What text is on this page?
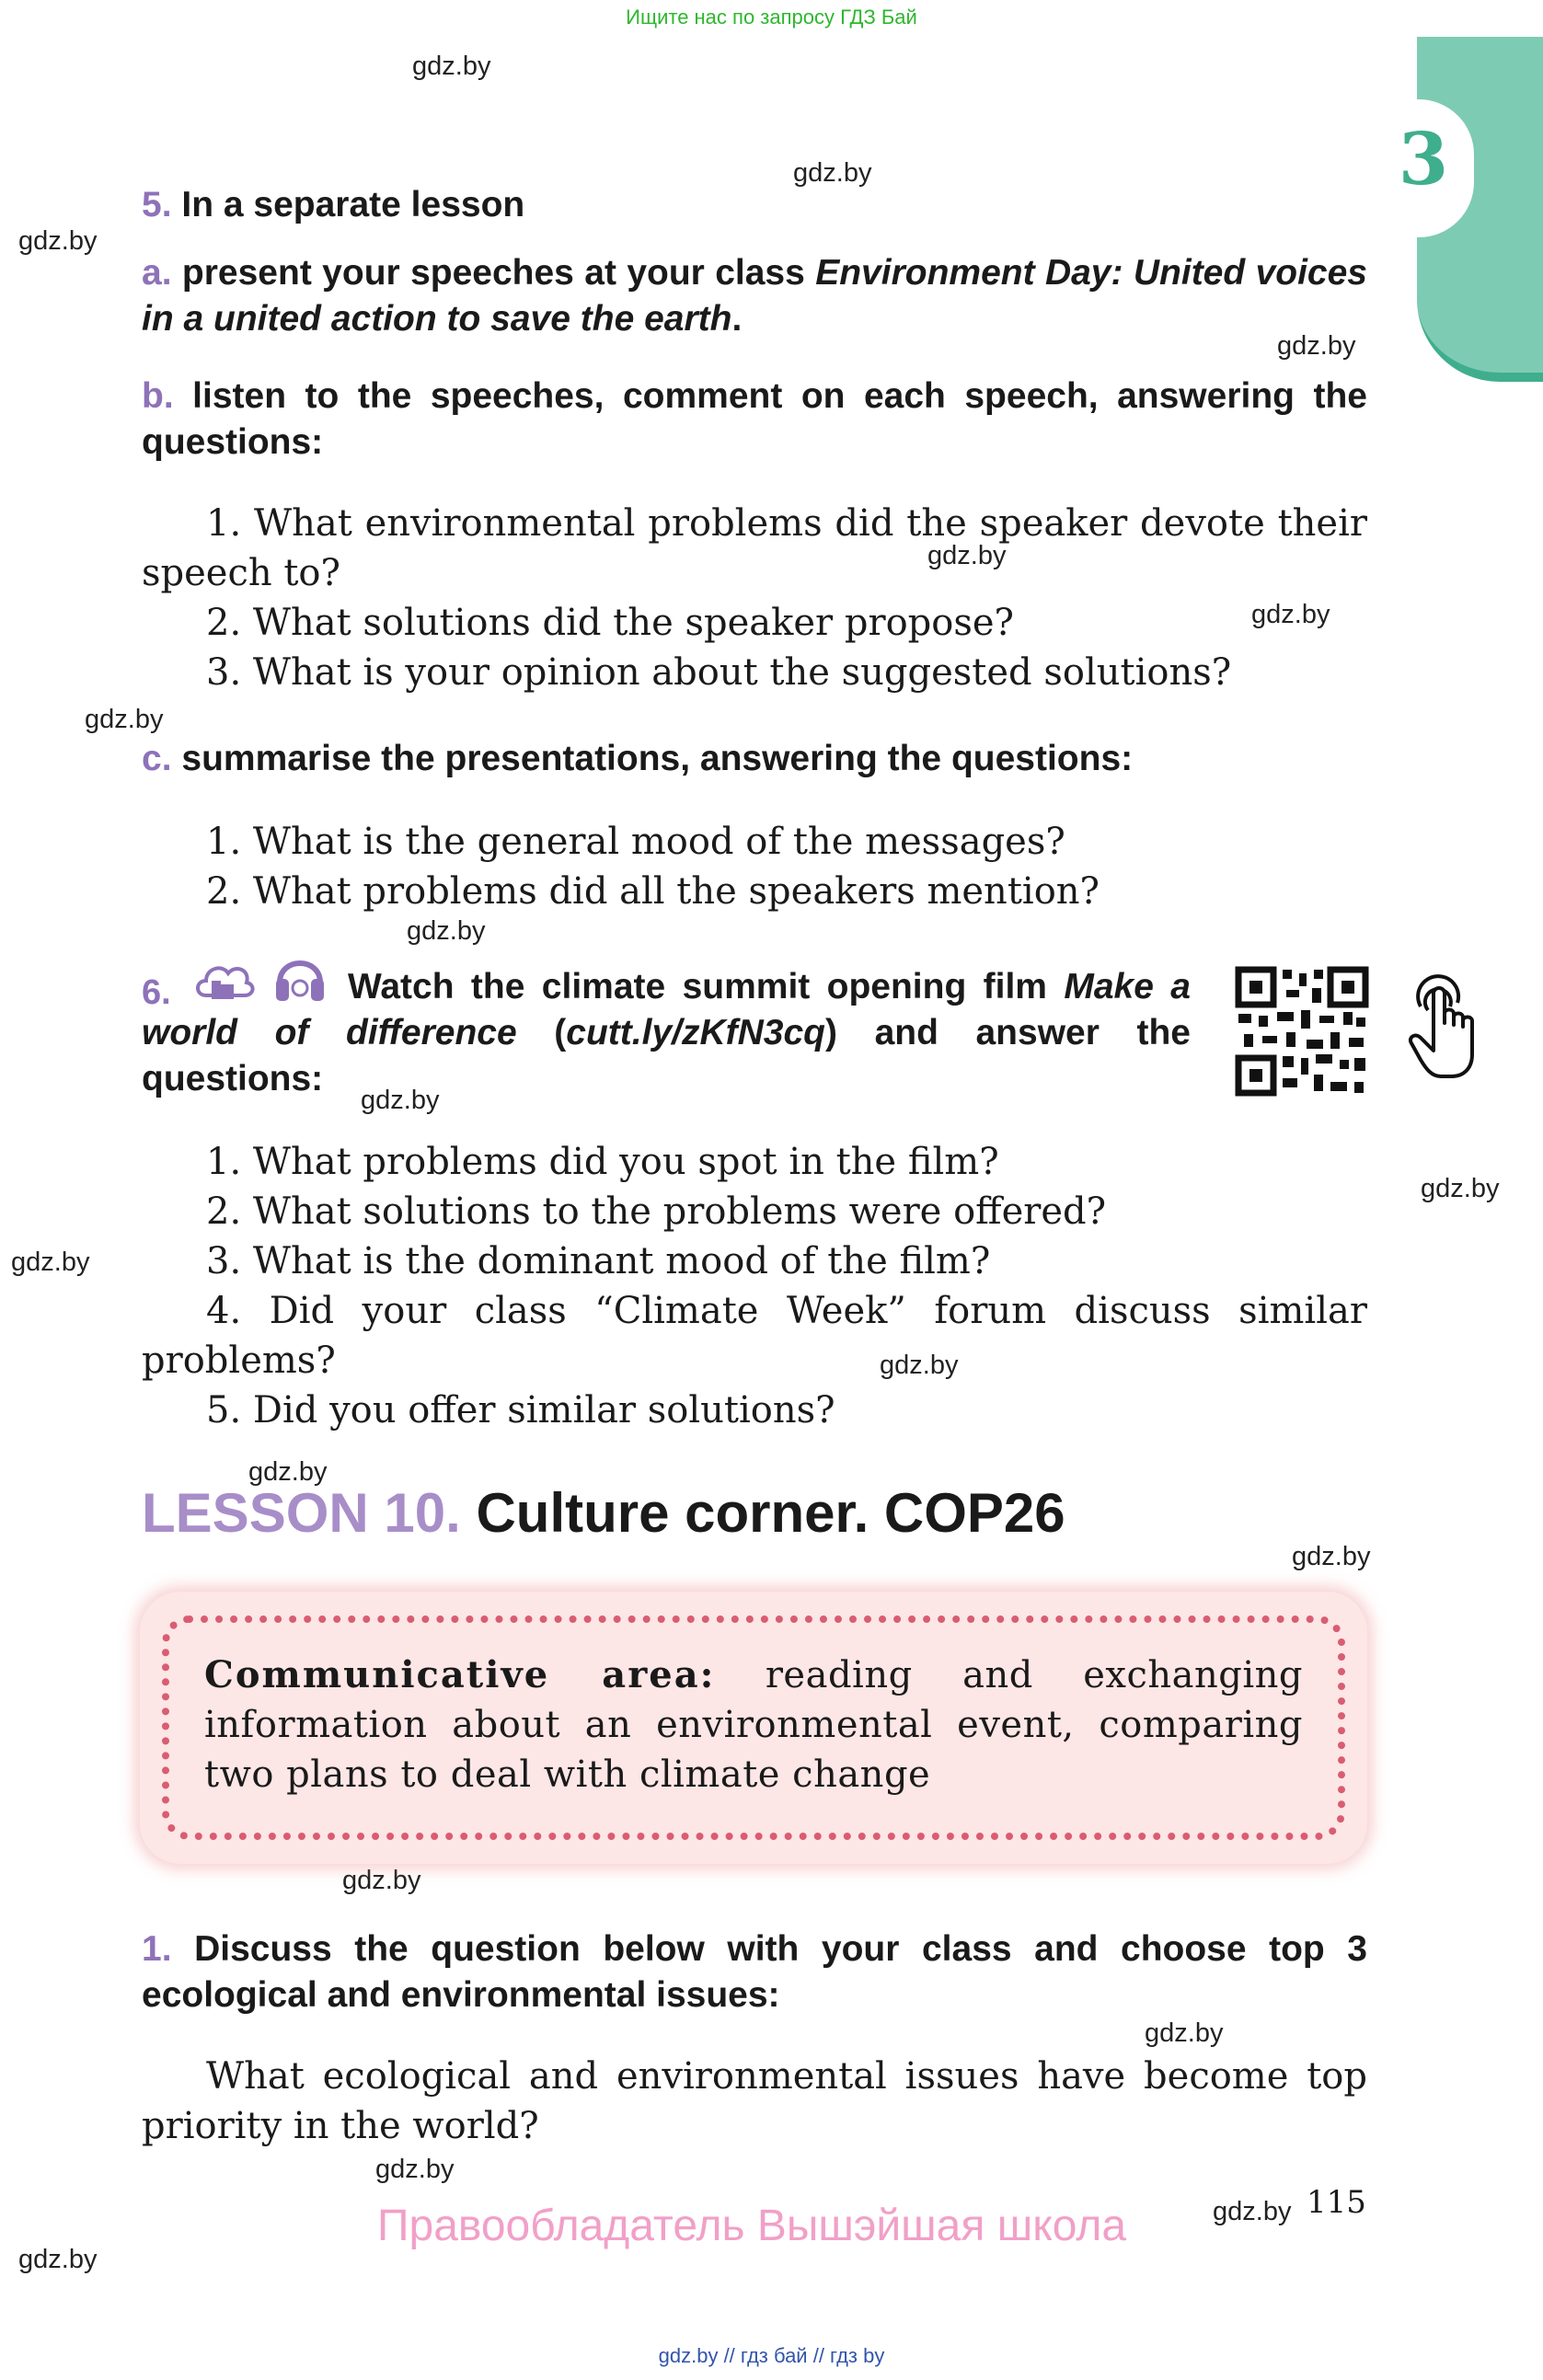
Ищите нас по запросу ГДЗ Бай
3
gdz.by
gdz.by
gdz.by
gdz.by
gdz.by
gdz.by
gdz.by
gdz.by
gdz.by
gdz.by
gdz.by
gdz.by
gdz.by
gdz.by
gdz.by
gdz.by
gdz.by
gdz.by
gdz.by
5. In a separate lesson
a. present your speeches at your class Environment Day: United voices in a united action to save the earth.
b. listen to the speeches, comment on each speech, answering the questions:
1. What environmental problems did the speaker devote their speech to?
2. What solutions did the speaker propose?
3. What is your opinion about the suggested solutions?
c. summarise the presentations, answering the questions:
1. What is the general mood of the messages?
2. What problems did all the speakers mention?
6.	Watch the climate summit opening film Make a world of difference (cutt.ly/zKfN3cq) and answer the questions:
1. What problems did you spot in the film?
2. What solutions to the problems were offered?
3. What is the dominant mood of the film?
4. Did your class “Climate Week” forum discuss similar problems?
5. Did you offer similar solutions?
LESSON 10. Culture corner. COP26
Communicative area: reading and exchanging information about an environmental event, comparing two plans to deal with climate change
1. Discuss the question below with your class and choose top 3 ecological and environmental issues:
What ecological and environmental issues have become top priority in the world?
Правообладатель Вышэйшая школа	115
gdz.by // гдз бай // гдз by
